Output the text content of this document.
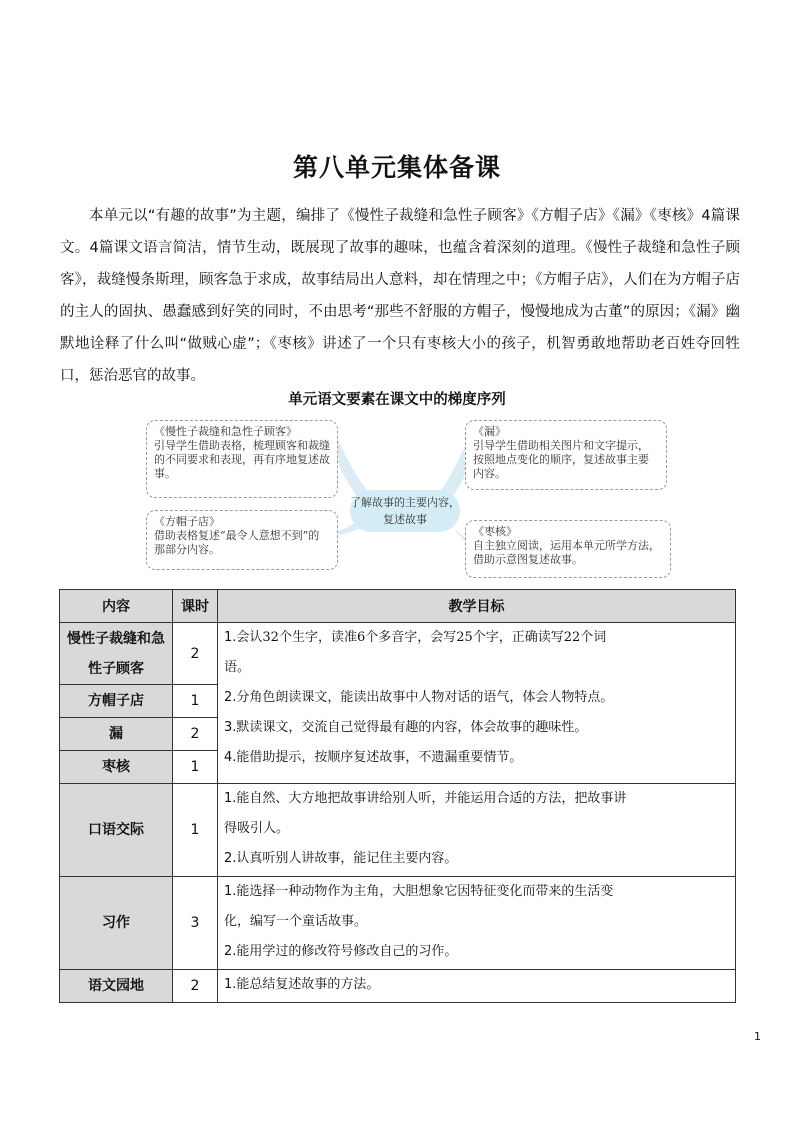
第八单元集体备课

本单元以“有趣的故事”为主题，编排了《慢性子裁缝和急性子顾客》《方帽子店》《漏》《枣核》4篇课文。4篇课文语言简洁，情节生动，既展现了故事的趣味，也蕴含着深刻的道理。《慢性子裁缝和急性子顾客》，裁缝慢条斯理，顾客急于求成，故事结局出人意料，却在情理之中；《方帽子店》，人们在为方帽子店的主人的固执、愚蠢感到好笑的同时，不由思考“那些不舒服的方帽子，慢慢地成为古董”的原因；《漏》幽默地诠释了什么叫“做贼心虚”；《枣核》讲述了一个只有枣核大小的孩子，机智勇敢地帮助老百姓夺回牲口，惩治恶官的故事。

单元语文要素在课文中的梯度序列
《慢性子裁缝和急性子顾客》
引导学生借助表格，梳理顾客和裁缝的不同要求和表现，再有序地复述故事。
《漏》
引导学生借助相关图片和文字提示，按照地点变化的顺序，复述故事主要内容。
了解故事的主要内容，复述故事
《方帽子店》
借助表格复述“最令人意想不到”的那部分内容。
《枣核》
自主独立阅读，运用本单元所学方法，借助示意图复述故事。
内容	课时	教学目标
慢性子裁缝和急性子顾客	2	1.会认32个生字，读准6个多音字，会写25个字，正确读写22个词
语。
2.分角色朗读课文，能读出故事中人物对话的语气，体会人物特点。
3.默读课文，交流自己觉得最有趣的内容，体会故事的趣味性。
4.能借助提示，按顺序复述故事，不遗漏重要情节。

方帽子店	1	
漏	2	
枣核	1	
口语交际	1	1.能自然、大方地把故事讲给别人听，并能运用合适的方法，把故事讲
得吸引人。
2.认真听别人讲故事，能记住主要内容。

习作	3	1.能选择一种动物作为主角，大胆想象它因特征变化而带来的生活变
化，编写一个童话故事。
2.能用学过的修改符号修改自己的习作。

语文园地	2	1.能总结复述故事的方法。
1
